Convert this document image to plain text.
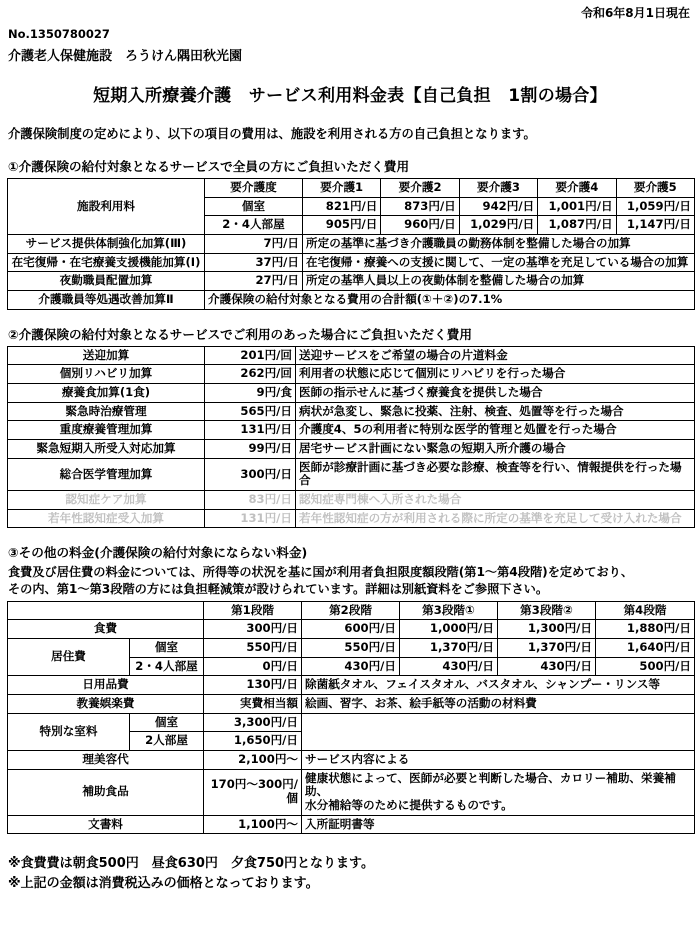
令和6年8月1日現在
No.1350780027
介護老人保健施設　ろうけん隅田秋光園
短期入所療養介護　サービス利用料金表【自己負担　1割の場合】
介護保険制度の定めにより、以下の項目の費用は、施設を利用される方の自己負担となります。
①介護保険の給付対象となるサービスで全員の方にご負担いただく費用
施設利用料	要介護度	要介護1	要介護2	要介護3	要介護4	要介護5
	個室	821円/日	873円/日	942円/日	1,001円/日	1,059円/日
	2・4人部屋	905円/日	960円/日	1,029円/日	1,087円/日	1,147円/日
サービス提供体制強化加算(Ⅲ)	7円/日	所定の基準に基づき介護職員の勤務体制を整備した場合の加算				
在宅復帰・在宅療養支援機能加算(Ⅰ)	37円/日	在宅復帰・療養への支援に関して、一定の基準を充足している場合の加算				
夜勤職員配置加算	27円/日	所定の基準人員以上の夜勤体制を整備した場合の加算				
介護職員等処遇改善加算Ⅱ	介護保険の給付対象となる費用の合計額(①＋②)の7.1%					
②介護保険の給付対象となるサービスでご利用のあった場合にご負担いただく費用
送迎加算	201円/回	送迎サービスをご希望の場合の片道料金
個別リハビリ加算	262円/回	利用者の状態に応じて個別にリハビリを行った場合
療養食加算(1食)	9円/食	医師の指示せんに基づく療養食を提供した場合
緊急時治療管理	565円/日	病状が急変し、緊急に投薬、注射、検査、処置等を行った場合
重度療養管理加算	131円/日	介護度4、5の利用者に特別な医学的管理と処置を行った場合
緊急短期入所受入対応加算	99円/日	居宅サービス計画にない緊急の短期入所介護の場合
総合医学管理加算	300円/日	医師が診療計画に基づき必要な診療、検査等を行い、情報提供を行った場合
認知症ケア加算	83円/日	認知症専門棟へ入所された場合
若年性認知症受入加算	131円/日	若年性認知症の方が利用される際に所定の基準を充足して受け入れた場合
③その他の料金(介護保険の給付対象にならない料金)
食費及び居住費の料金については、所得等の状況を基に国が利用者負担限度額段階(第1～第4段階)を定めており、
その内、第1～第3段階の方には負担軽減策が設けられています。詳細は別紙資料をご参照下さい。
		第1段階	第2段階	第3段階①	第3段階②	第4段階
食費		300円/日	600円/日	1,000円/日	1,300円/日	1,880円/日
居住費	個室	550円/日	550円/日	1,370円/日	1,370円/日	1,640円/日
	2・4人部屋	0円/日	430円/日	430円/日	430円/日	500円/日
日用品費		130円/日	除菌紙タオル、フェイスタオル、バスタオル、シャンプー・リンス等			
教養娯楽費		実費相当額	絵画、習字、お茶、絵手紙等の活動の材料費			
特別な室料	個室	3,300円/日				
	2人部屋	1,650円/日				
理美容代		2,100円～	サービス内容による			
補助食品		170円～300円/個	健康状態によって、医師が必要と判断した場合、カロリー補助、栄養補助、
水分補給等のために提供するものです。			
文書料		1,100円～	入所証明書等			
※食費費は朝食500円　昼食630円　夕食750円となります。
※上記の金額は消費税込みの価格となっております。
